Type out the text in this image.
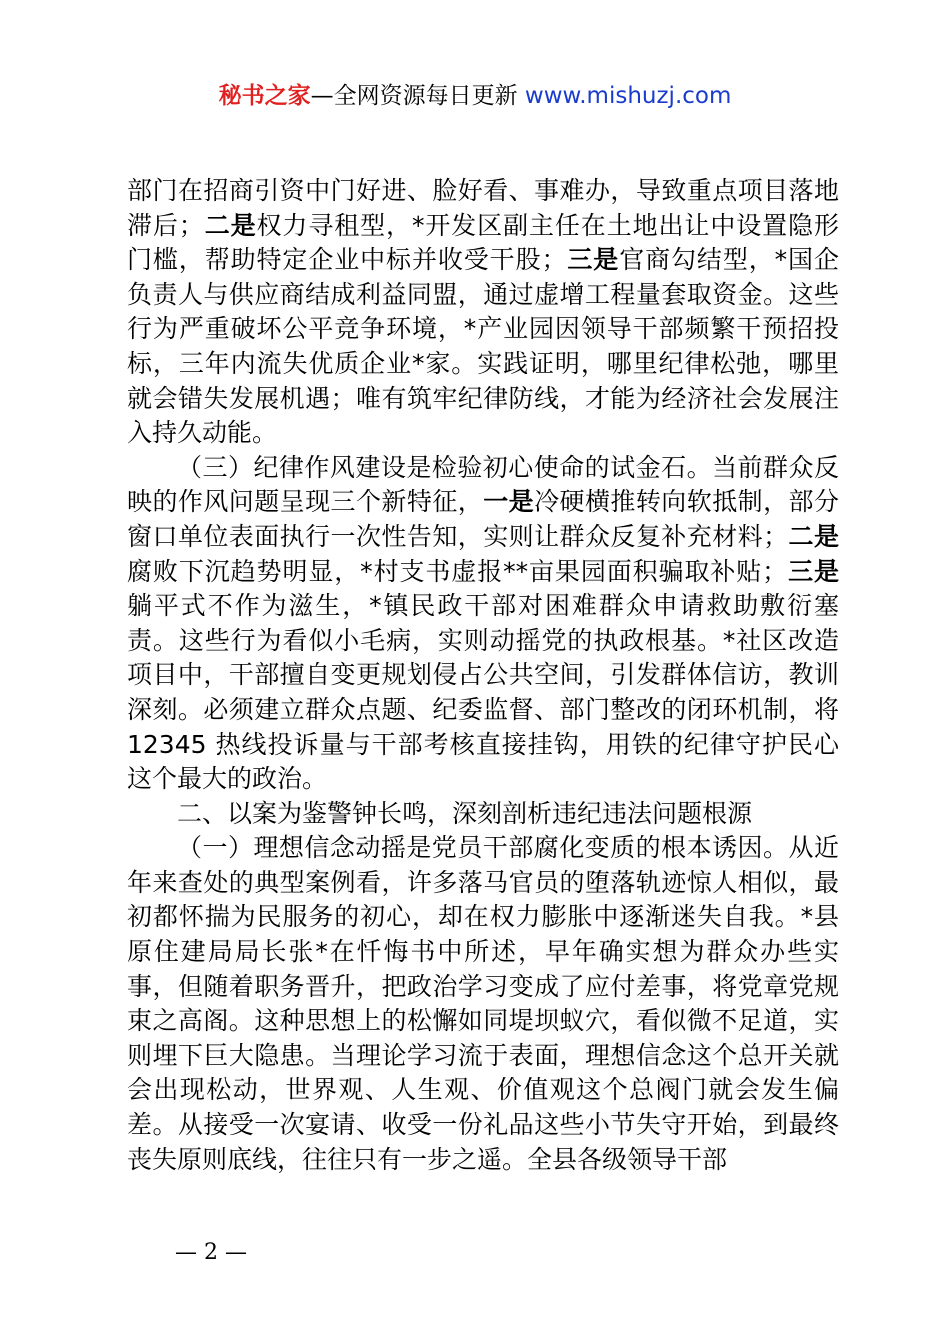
秘书之家—全网资源每日更新 www.mishuzj.com

部门在招商引资中门好进、脸好看、事难办，导致重点项目落地滞后；二是权力寻租型，*开发区副主任在土地出让中设置隐形门槛，帮助特定企业中标并收受干股；三是官商勾结型，*国企负责人与供应商结成利益同盟，通过虚增工程量套取资金。这些行为严重破坏公平竞争环境，*产业园因领导干部频繁干预招投标，三年内流失优质企业*家。实践证明，哪里纪律松弛，哪里就会错失发展机遇；唯有筑牢纪律防线，才能为经济社会发展注入持久动能。

（三）纪律作风建设是检验初心使命的试金石。当前群众反映的作风问题呈现三个新特征，一是冷硬横推转向软抵制，部分窗口单位表面执行一次性告知，实则让群众反复补充材料；二是腐败下沉趋势明显，*村支书虚报**亩果园面积骗取补贴；三是躺平式不作为滋生，*镇民政干部对困难群众申请救助敷衍塞责。这些行为看似小毛病，实则动摇党的执政根基。*社区改造项目中，干部擅自变更规划侵占公共空间，引发群体信访，教训深刻。必须建立群众点题、纪委监督、部门整改的闭环机制，将 12345 热线投诉量与干部考核直接挂钩，用铁的纪律守护民心这个最大的政治。

二、以案为鉴警钟长鸣，深刻剖析违纪违法问题根源

（一）理想信念动摇是党员干部腐化变质的根本诱因。从近年来查处的典型案例看，许多落马官员的堕落轨迹惊人相似，最初都怀揣为民服务的初心，却在权力膨胀中逐渐迷失自我。*县原住建局局长张*在忏悔书中所述，早年确实想为群众办些实事，但随着职务晋升，把政治学习变成了应付差事，将党章党规束之高阁。这种思想上的松懈如同堤坝蚁穴，看似微不足道，实则埋下巨大隐患。当理论学习流于表面，理想信念这个总开关就会出现松动，世界观、人生观、价值观这个总阀门就会发生偏差。从接受一次宴请、收受一份礼品这些小节失守开始，到最终丧失原则底线，往往只有一步之遥。全县各级领导干部

— 2 —
